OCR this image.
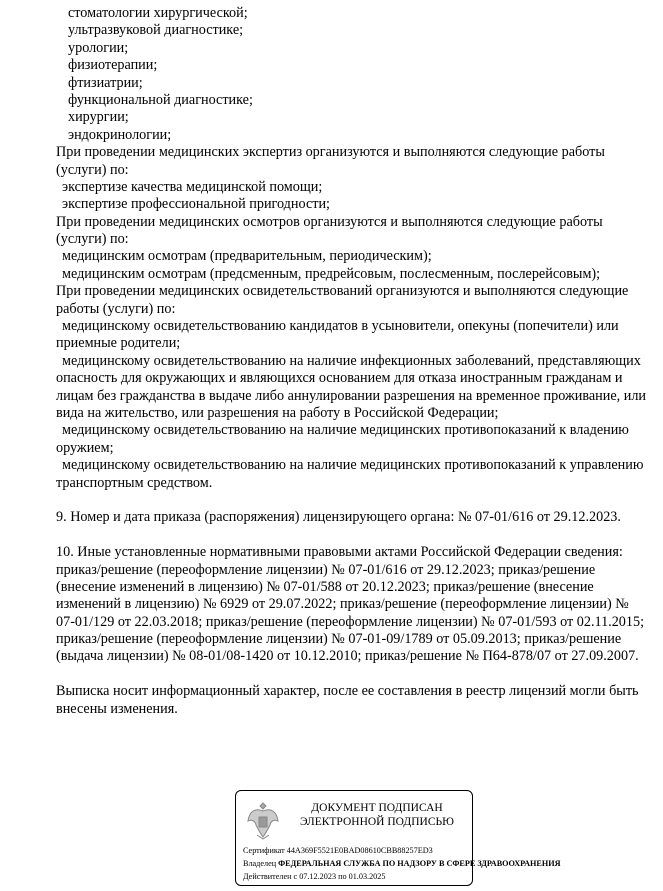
стоматологии хирургической;
ультразвуковой диагностике;
урологии;
физиотерапии;
фтизиатрии;
функциональной диагностике;
хирургии;
эндокринологии;
При проведении медицинских экспертиз организуются и выполняются следующие работы
(услуги) по:
экспертизе качества медицинской помощи;
экспертизе профессиональной пригодности;
При проведении медицинских осмотров организуются и выполняются следующие работы
(услуги) по:
медицинским осмотрам (предварительным, периодическим);
медицинским осмотрам (предсменным, предрейсовым, послесменным, послерейсовым);
При проведении медицинских освидетельствований организуются и выполняются следующие
работы (услуги) по:
медицинскому освидетельствованию кандидатов в усыновители, опекуны (попечители) или
приемные родители;
медицинскому освидетельствованию на наличие инфекционных заболеваний, представляющих
опасность для окружающих и являющихся основанием для отказа иностранным гражданам и
лицам без гражданства в выдаче либо аннулировании разрешения на временное проживание, или
вида на жительство, или разрешения на работу в Российской Федерации;
медицинскому освидетельствованию на наличие медицинских противопоказаний к владению
оружием;
медицинскому освидетельствованию на наличие медицинских противопоказаний к управлению
транспортным средством.
9. Номер и дата приказа (распоряжения) лицензирующего органа: № 07-01/616 от 29.12.2023.
10. Иные установленные нормативными правовыми актами Российской Федерации сведения:
приказ/решение (переоформление лицензии) № 07-01/616 от 29.12.2023; приказ/решение
(внесение изменений в лицензию) № 07-01/588 от 20.12.2023; приказ/решение (внесение
изменений в лицензию) № 6929 от 29.07.2022; приказ/решение (переоформление лицензии) №
07-01/129 от 22.03.2018; приказ/решение (переоформление лицензии) № 07-01/593 от 02.11.2015;
приказ/решение (переоформление лицензии) № 07-01-09/1789 от 05.09.2013; приказ/решение
(выдача лицензии) № 08-01/08-1420 от 10.12.2010; приказ/решение № П64-878/07 от 27.09.2007.
Выписка носит информационный характер, после ее составления в реестр лицензий могли быть
внесены изменения.
ДОКУМЕНТ ПОДПИСАН
ЭЛЕКТРОННОЙ ПОДПИСЬЮ
Сертификат 44A369F5521E0BAD08610CBB88257ED3
Владелец ФЕДЕРАЛЬНАЯ СЛУЖБА ПО НАДЗОРУ В СФЕРЕ ЗДРАВООХРАНЕНИЯ
Действителен с 07.12.2023 по 01.03.2025
